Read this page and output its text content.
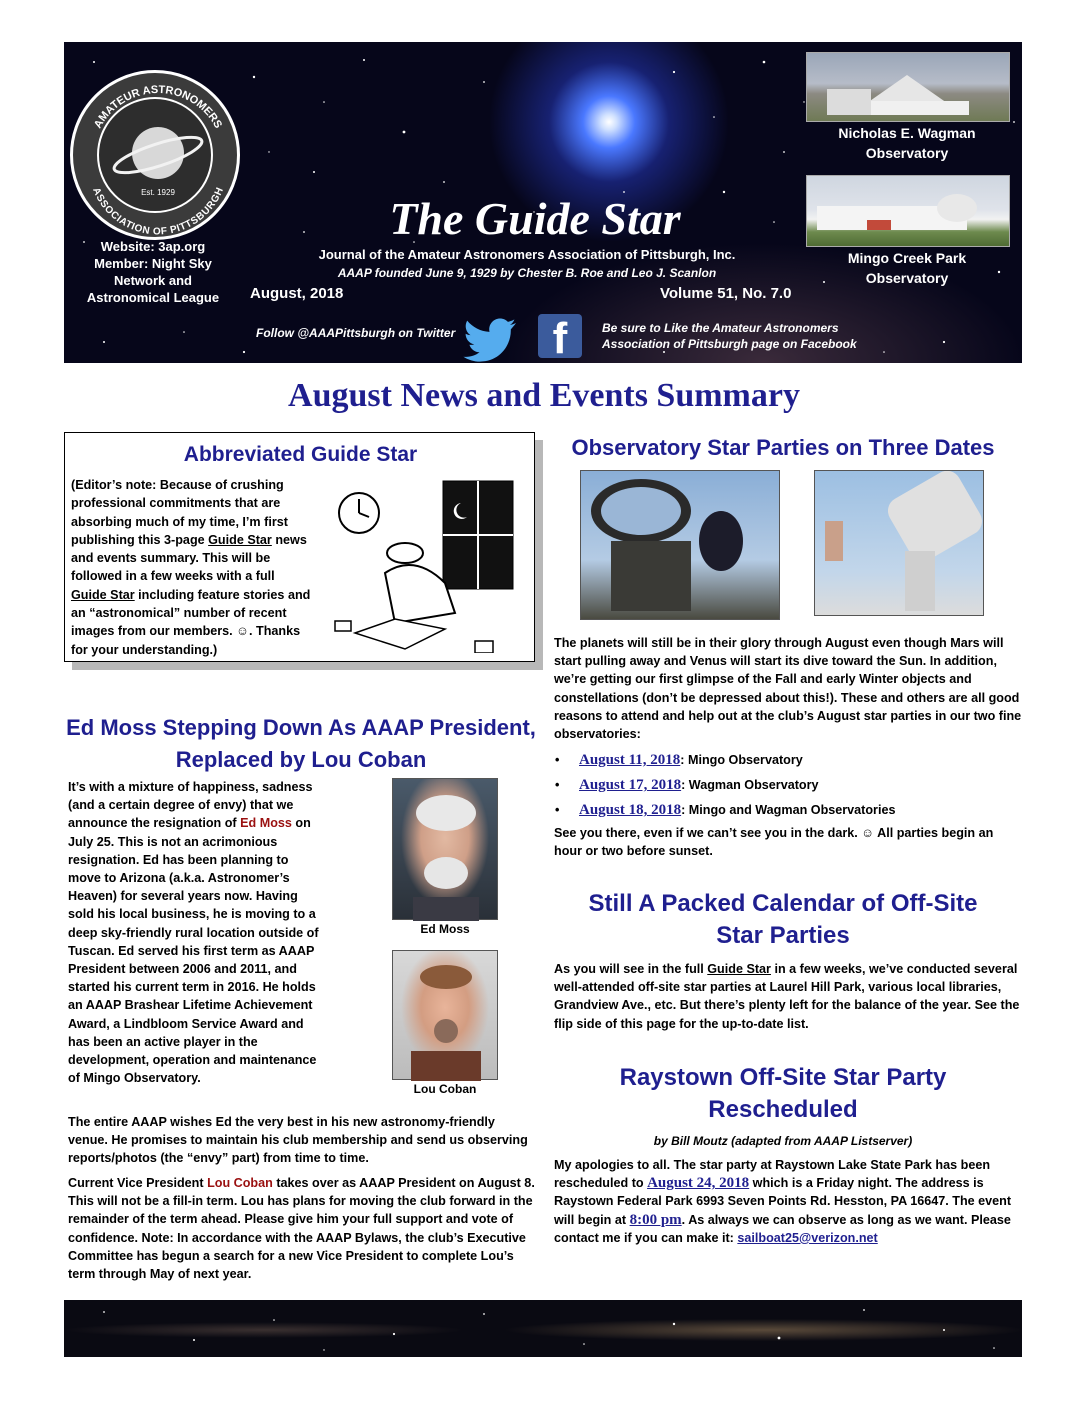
AMATEUR ASTRONOMERS
ASSOCIATION OF PITTSBURGH
Est. 1929
Website: 3ap.org
Member: Night Sky
Network and
Astronomical League
The Guide Star
Journal of the Amateur Astronomers Association of Pittsburgh, Inc.
AAAP founded June 9, 1929 by Chester B. Roe and Leo J. Scanlon
August, 2018	Volume 51, No. 7.0
Follow @AAAPittsburgh on Twitter	f	Be sure to Like the Amateur Astronomers
Association of Pittsburgh page on Facebook
Nicholas E. Wagman
Observatory
Mingo Creek Park
Observatory
August News and Events Summary
Abbreviated Guide Star
(Editor’s note: Because of crushing professional commitments that are absorbing much of my time, I’m first publishing this 3-page Guide Star news and events summary. This will be followed in a few weeks with a full Guide Star including feature stories and an “astronomical” number of recent images from our members. ☺. Thanks for your understanding.)
Ed Moss Stepping Down As AAAP President,
Replaced by Lou Coban
It’s with a mixture of happiness, sadness (and a certain degree of envy) that we announce the resignation of Ed Moss on July 25. This is not an acrimonious resignation. Ed has been planning to move to Arizona (a.k.a. Astronomer’s Heaven) for several years now. Having sold his local business, he is moving to a deep sky-friendly rural location outside of Tuscan. Ed served his first term as AAAP President between 2006 and 2011, and started his current term in 2016. He holds an AAAP Brashear Lifetime Achievement Award, a Lindbloom Service Award and has been an active player in the development, operation and maintenance of Mingo Observatory.
Ed Moss
Lou Coban
The entire AAAP wishes Ed the very best in his new astronomy-friendly venue. He promises to maintain his club membership and send us observing reports/photos (the “envy” part) from time to time.
Current Vice President Lou Coban takes over as AAAP President on August 8. This will not be a fill-in term. Lou has plans for moving the club forward in the remainder of the term ahead. Please give him your full support and vote of confidence. Note: In accordance with the AAAP Bylaws, the club’s Executive Committee has begun a search for a new Vice President to complete Lou’s term through May of next year.
Observatory Star Parties on Three Dates
The planets will still be in their glory through August even though Mars will start pulling away and Venus will start its dive toward the Sun. In addition, we’re getting our first glimpse of the Fall and early Winter objects and constellations (don’t be depressed about this!). These and others are all good reasons to attend and help out at the club’s August star parties in our two fine observatories:
• August 11, 2018: Mingo Observatory
• August 17, 2018: Wagman Observatory
• August 18, 2018: Mingo and Wagman Observatories
See you there, even if we can’t see you in the dark. ☺ All parties begin an hour or two before sunset.
Still A Packed Calendar of Off-Site
Star Parties
As you will see in the full Guide Star in a few weeks, we’ve conducted several well-attended off-site star parties at Laurel Hill Park, various local libraries, Grandview Ave., etc. But there’s plenty left for the balance of the year. See the flip side of this page for the up-to-date list.
Raystown Off-Site Star Party
Rescheduled
by Bill Moutz (adapted from AAAP Listserver)
My apologies to all. The star party at Raystown Lake State Park has been rescheduled to August 24, 2018 which is a Friday night. The address is Raystown Federal Park 6993 Seven Points Rd. Hesston, PA 16647. The event will begin at 8:00 pm. As always we can observe as long as we want. Please contact me if you can make it: sailboat25@verizon.net
